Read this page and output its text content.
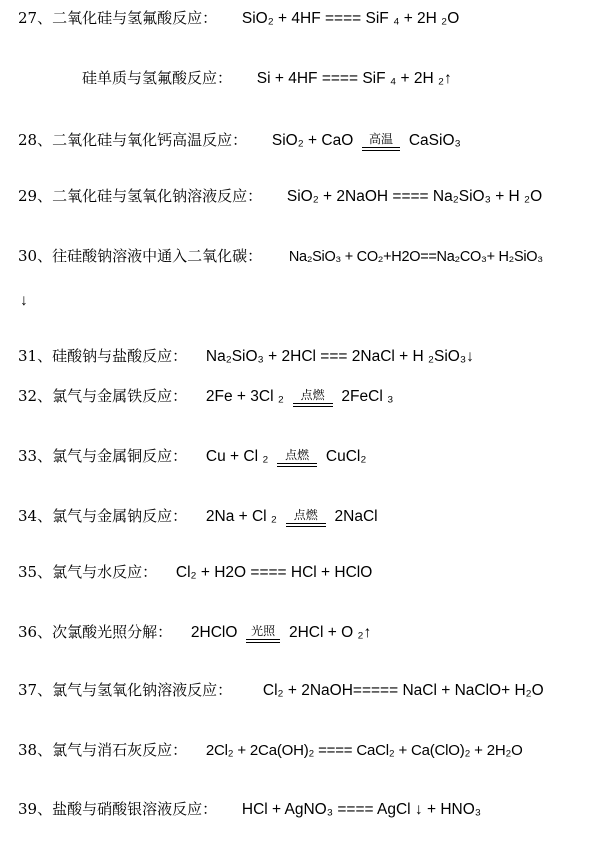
27、二氧化硅与氢氟酸反应： SiO₂ + 4HF ==== SiF ₄ + 2H ₂O
硅单质与氢氟酸反应： Si + 4HF ==== SiF ₄ + 2H ₂↑
28、二氧化硅与氧化钙高温反应： SiO₂ + CaO	高温	CaSiO₃
29、二氧化硅与氢氧化钠溶液反应： SiO₂ + 2NaOH ==== Na₂SiO₃ + H ₂O
30、往硅酸钠溶液中通入二氧化碳： Na₂SiO₃ + CO₂+H2O==Na₂CO₃+ H₂SiO₃
↓
31、硅酸钠与盐酸反应： Na₂SiO₃ + 2HCl === 2NaCl + H ₂SiO₃↓
32、氯气与金属铁反应： 2Fe + 3Cl ₂	点燃	2FeCl ₃
33、氯气与金属铜反应： Cu + Cl ₂	点燃	CuCl₂
34、氯气与金属钠反应： 2Na + Cl ₂	点燃	2NaCl
35、氯气与水反应： Cl₂ + H2O ==== HCl + HClO
36、次氯酸光照分解： 2HClO	光照 2HCl + O ₂↑
37、氯气与氢氧化钠溶液反应： Cl₂ + 2NaOH===== NaCl + NaClO+ H₂O
38、氯气与消石灰反应： 2Cl₂ + 2Ca(OH)₂ ==== CaCl₂ + Ca(ClO)₂ + 2H₂O
39、盐酸与硝酸银溶液反应： HCl + AgNO₃ ==== AgCl ↓ + HNO₃
